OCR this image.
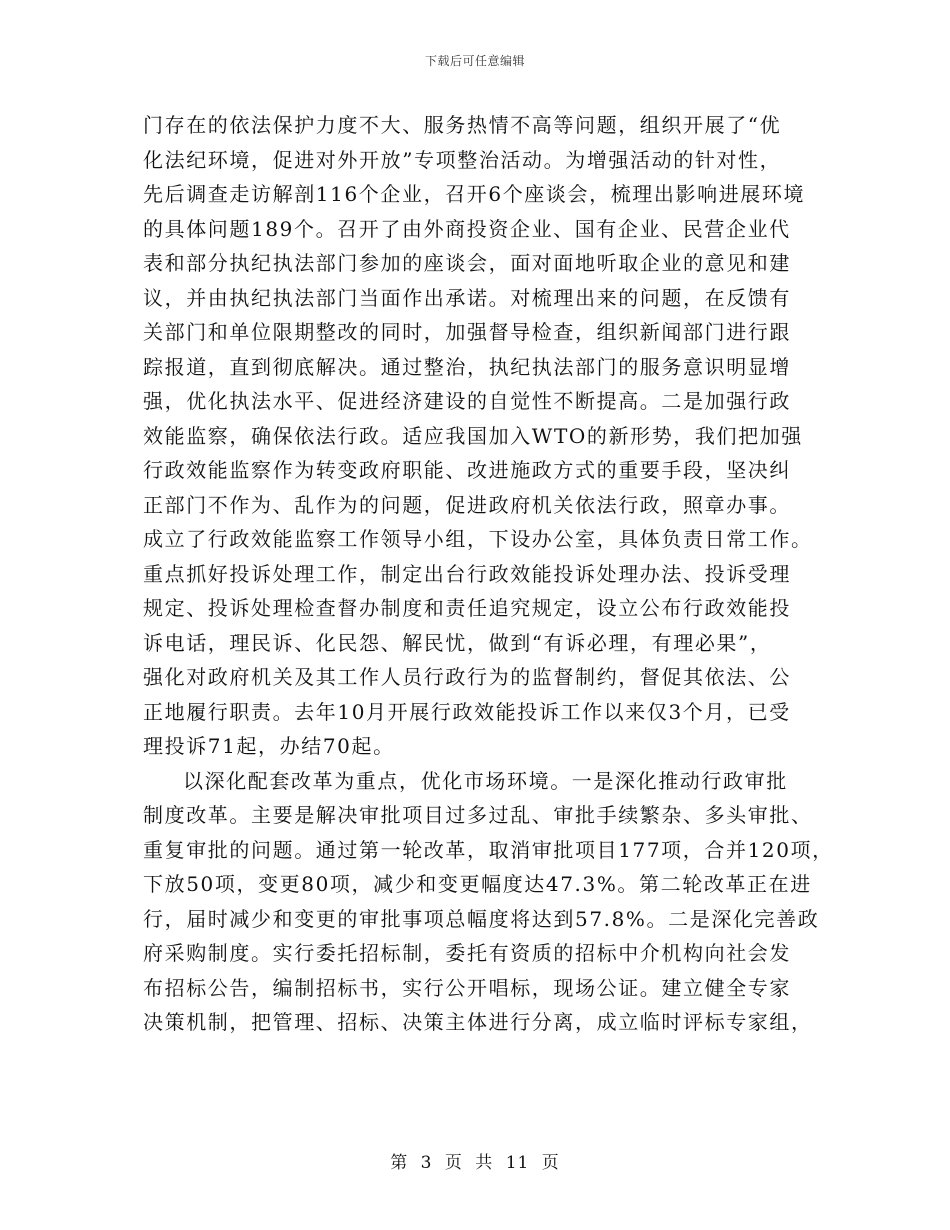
下载后可任意编辑
门存在的依法保护力度不大、服务热情不高等问题，组织开展了“优
化法纪环境，促进对外开放”专项整治活动。为增强活动的针对性，
先后调查走访解剖116个企业，召开6个座谈会，梳理出影响进展环境
的具体问题189个。召开了由外商投资企业、国有企业、民营企业代
表和部分执纪执法部门参加的座谈会，面对面地听取企业的意见和建
议，并由执纪执法部门当面作出承诺。对梳理出来的问题，在反馈有
关部门和单位限期整改的同时，加强督导检查，组织新闻部门进行跟
踪报道，直到彻底解决。通过整治，执纪执法部门的服务意识明显增
强，优化执法水平、促进经济建设的自觉性不断提高。二是加强行政
效能监察，确保依法行政。适应我国加入WTO的新形势，我们把加强
行政效能监察作为转变政府职能、改进施政方式的重要手段，坚决纠
正部门不作为、乱作为的问题，促进政府机关依法行政，照章办事。
成立了行政效能监察工作领导小组，下设办公室，具体负责日常工作。
重点抓好投诉处理工作，制定出台行政效能投诉处理办法、投诉受理
规定、投诉处理检查督办制度和责任追究规定，设立公布行政效能投
诉电话，理民诉、化民怨、解民忧，做到“有诉必理，有理必果”，
强化对政府机关及其工作人员行政行为的监督制约，督促其依法、公
正地履行职责。去年10月开展行政效能投诉工作以来仅3个月，已受
理投诉71起，办结70起。
以深化配套改革为重点，优化市场环境。一是深化推动行政审批
制度改革。主要是解决审批项目过多过乱、审批手续繁杂、多头审批、
重复审批的问题。通过第一轮改革，取消审批项目177项，合并120项，
下放50项，变更80项，减少和变更幅度达47.3%。第二轮改革正在进
行，届时减少和变更的审批事项总幅度将达到57.8%。二是深化完善政
府采购制度。实行委托招标制，委托有资质的招标中介机构向社会发
布招标公告，编制招标书，实行公开唱标，现场公证。建立健全专家
决策机制，把管理、招标、决策主体进行分离，成立临时评标专家组，
第 3 页 共 11 页
